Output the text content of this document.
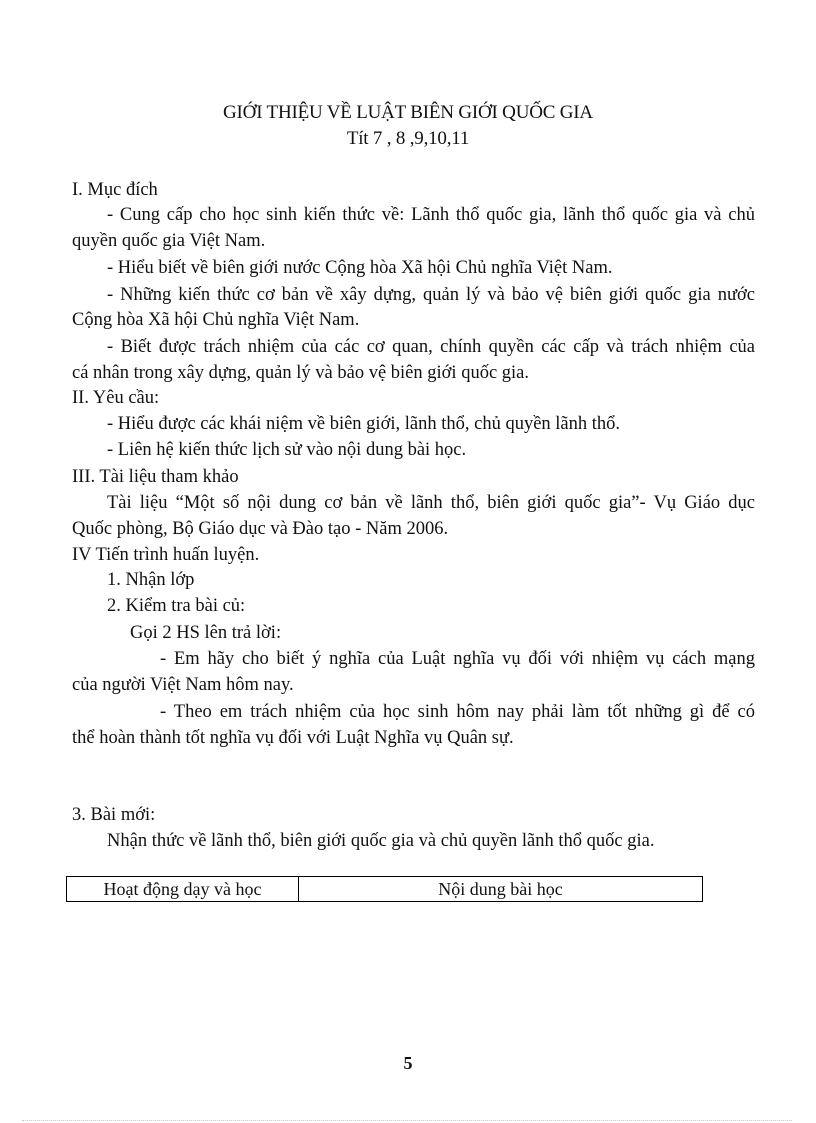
GIỚI THIỆU VỀ LUẬT BIÊN GIỚI QUỐC GIA
Tít 7 , 8 ,9,10,11
I. Mục đích
- Cung cấp cho học sinh kiến thức về: Lãnh thổ quốc gia, lãnh thổ quốc gia và chủ
quyền quốc gia Việt Nam.
- Hiểu biết về biên giới nước Cộng hòa Xã hội Chủ nghĩa Việt Nam.
- Những kiến thức cơ bản về xây dựng, quản lý và bảo vệ biên giới quốc gia nước
Cộng hòa Xã hội Chủ nghĩa Việt Nam.
- Biết được trách nhiệm của các cơ quan, chính quyền các cấp và trách nhiệm của
cá nhân trong xây dựng, quản lý và bảo vệ biên giới quốc gia.
II. Yêu cầu:
- Hiểu được các khái niệm về biên giới, lãnh thổ, chủ quyền lãnh thổ.
- Liên hệ kiến thức lịch sử vào nội dung bài học.
III. Tài liệu tham khảo
Tài liệu “Một số nội dung cơ bản về lãnh thổ, biên giới quốc gia”- Vụ Giáo dục
Quốc phòng, Bộ Giáo dục và Đào tạo - Năm 2006.
IV Tiến trình huấn luyện.
1. Nhận lớp
2. Kiểm tra bài củ:
Gọi 2 HS lên trả lời:
- Em hãy cho biết ý nghĩa của Luật nghĩa vụ đối với nhiệm vụ cách mạng
của người Việt Nam hôm nay.
- Theo em trách nhiệm của học sinh hôm nay phải làm tốt những gì để có
thể hoàn thành tốt nghĩa vụ đối với Luật Nghĩa vụ Quân sự.
3. Bài mới:
Nhận thức về lãnh thổ, biên giới quốc gia và chủ quyền lãnh thổ quốc gia.
Hoạt động dạy và học	Nội dung bài học
5
